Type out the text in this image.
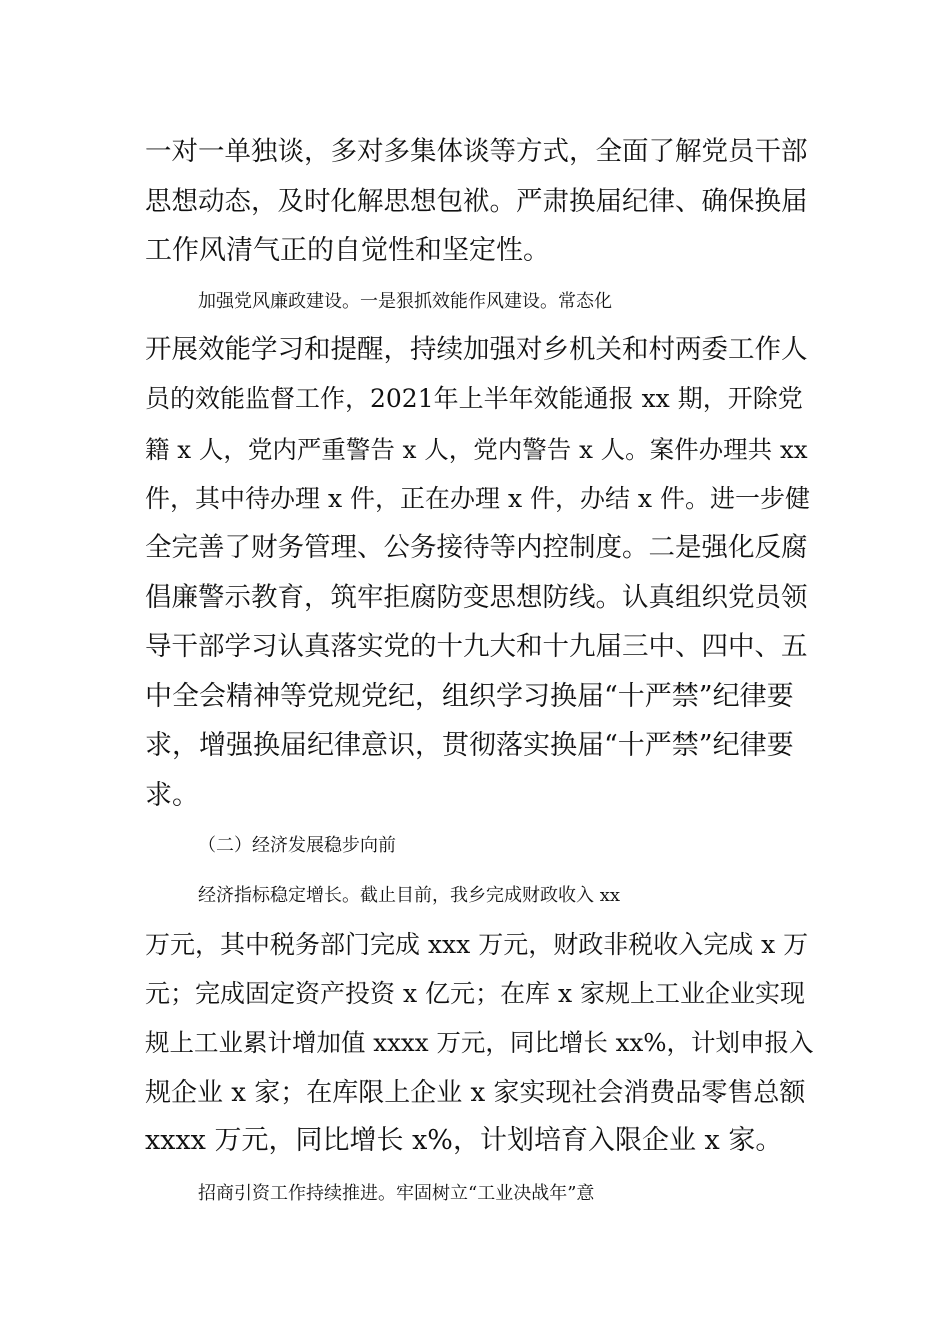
一对一单独谈，多对多集体谈等方式，全面了解党员干部
思想动态，及时化解思想包袱。严肃换届纪律、确保换届
工作风清气正的自觉性和坚定性。
加强党风廉政建设。一是狠抓效能作风建设。常态化
开展效能学习和提醒，持续加强对乡机关和村两委工作人
员的效能监督工作，2021年上半年效能通报 xx 期，开除党
籍 x 人，党内严重警告 x 人，党内警告 x 人。案件办理共 xx
件，其中待办理 x 件，正在办理 x 件，办结 x 件。进一步健
全完善了财务管理、公务接待等内控制度。二是强化反腐
倡廉警示教育，筑牢拒腐防变思想防线。认真组织党员领
导干部学习认真落实党的十九大和十九届三中、四中、五
中全会精神等党规党纪，组织学习换届“十严禁”纪律要
求，增强换届纪律意识，贯彻落实换届“十严禁”纪律要
求。
（二）经济发展稳步向前
经济指标稳定增长。截止目前，我乡完成财政收入 xx
万元，其中税务部门完成 xxx 万元，财政非税收入完成 x 万
元；完成固定资产投资 x 亿元；在库 x 家规上工业企业实现
规上工业累计增加值 xxxx 万元，同比增长 xx%，计划申报入
规企业 x 家；在库限上企业 x 家实现社会消费品零售总额
xxxx 万元，同比增长 x%，计划培育入限企业 x 家。
招商引资工作持续推进。牢固树立“工业决战年”意
